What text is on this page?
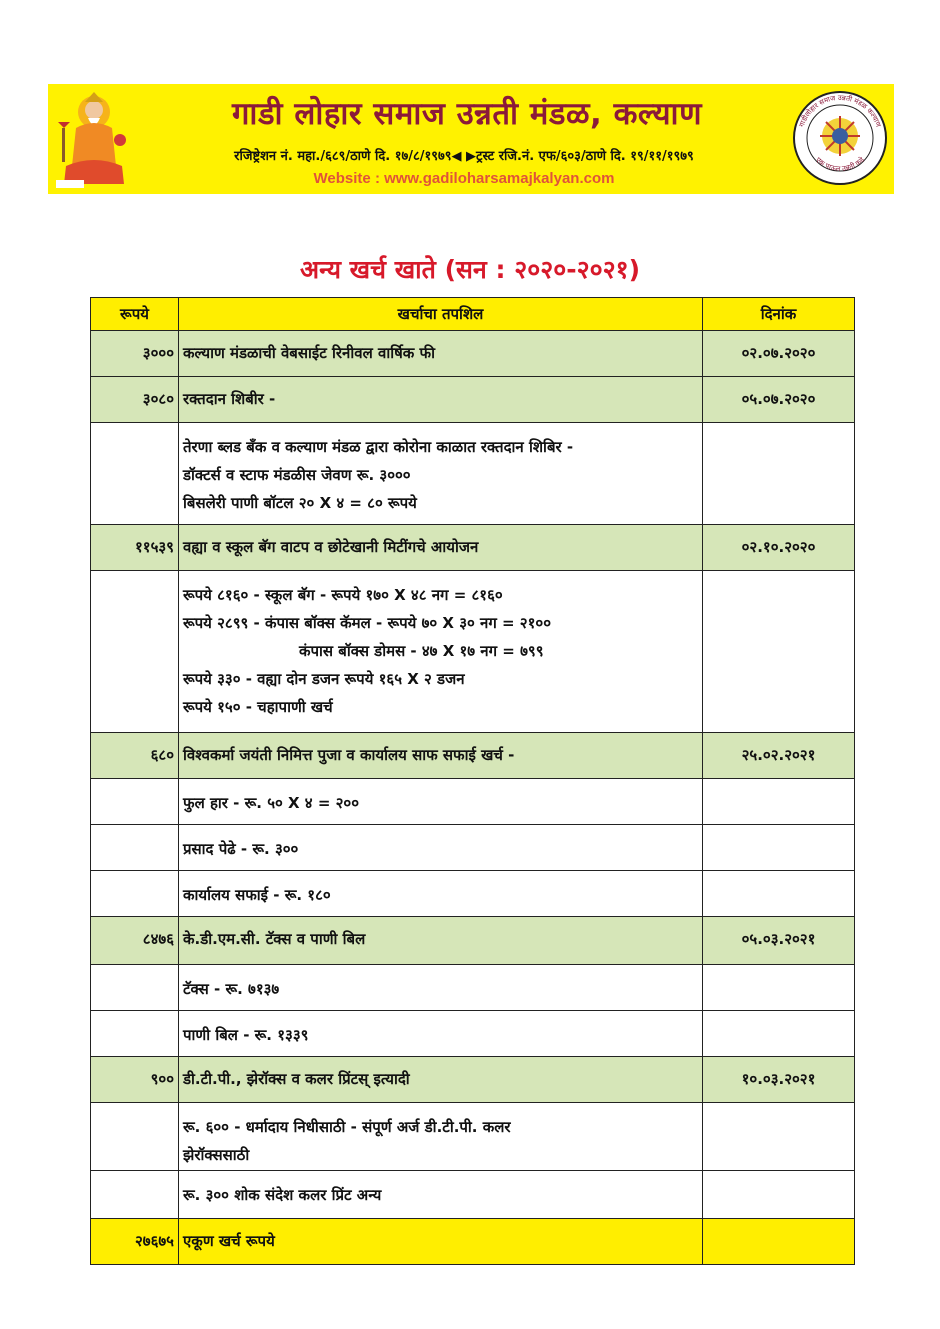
गाडी लोहार समाज उन्नती मंडळ, कल्याण
रजिष्ट्रेशन नं. महा./६८९/ठाणे दि. १७/८/१९७९◀ ▶ट्रस्ट रजि.नं. एफ/६०३/ठाणे दि. १९/११/१९७९
Website : www.gadiloharsamajkalyan.com
गाडीलोहार समाज उन्नती मंडळ कल्याण
एक पाऊल उन्नती कडे
अन्य खर्च खाते (सन : २०२०-२०२१)
रूपये	खर्चाचा तपशिल	दिनांक
३०००	कल्याण मंडळाची वेबसाईट रिनीवल वार्षिक फी	०२.०७.२०२०
३०८०	रक्तदान शिबीर -	०५.०७.२०२०

	तेरणा ब्लड बँक व कल्याण मंडळ द्वारा कोरोना काळात रक्तदान शिबिर -
डॉक्टर्स व स्टाफ मंडळीस जेवण रू. ३०००
बिसलेरी पाणी बॉटल २० X ४ = ८० रूपये	

११५३९	वह्या व स्कूल बॅग वाटप व छोटेखानी मिटींगचे आयोजन	०२.१०.२०२०

	रूपये ८१६० - स्कूल बॅग - रूपये १७० X ४८ नग = ८१६०
रूपये २८९९ - कंपास बॉक्स कॅमल - रूपये ७० X ३० नग = २१००
कंपास बॉक्स डोमस - ४७ X १७ नग = ७९९
रूपये ३३० - वह्या दोन डजन रूपये १६५ X २ डजन
रूपये १५० - चहापाणी खर्च	

६८०	विश्वकर्मा जयंती निमित्त पुजा व कार्यालय साफ सफाई खर्च -	२५.०२.२०२१

	फुल हार - रू. ५० X ४ = २००	

	प्रसाद पेढे - रू. ३००	

	कार्यालय सफाई - रू. १८०	

८४७६	के.डी.एम.सी. टॅक्स व पाणी बिल	०५.०३.२०२१

	टॅक्स - रू. ७१३७	

	पाणी बिल - रू. १३३९	

९००	डी.टी.पी., झेरॉक्स व कलर प्रिंटस् इत्यादी	१०.०३.२०२१

	रू. ६०० - धर्मादाय निधीसाठी - संपूर्ण अर्ज डी.टी.पी. कलर
झेरॉक्ससाठी	

	रू. ३०० शोक संदेश कलर प्रिंट अन्य	

२७६७५	एकूण खर्च रूपये	
